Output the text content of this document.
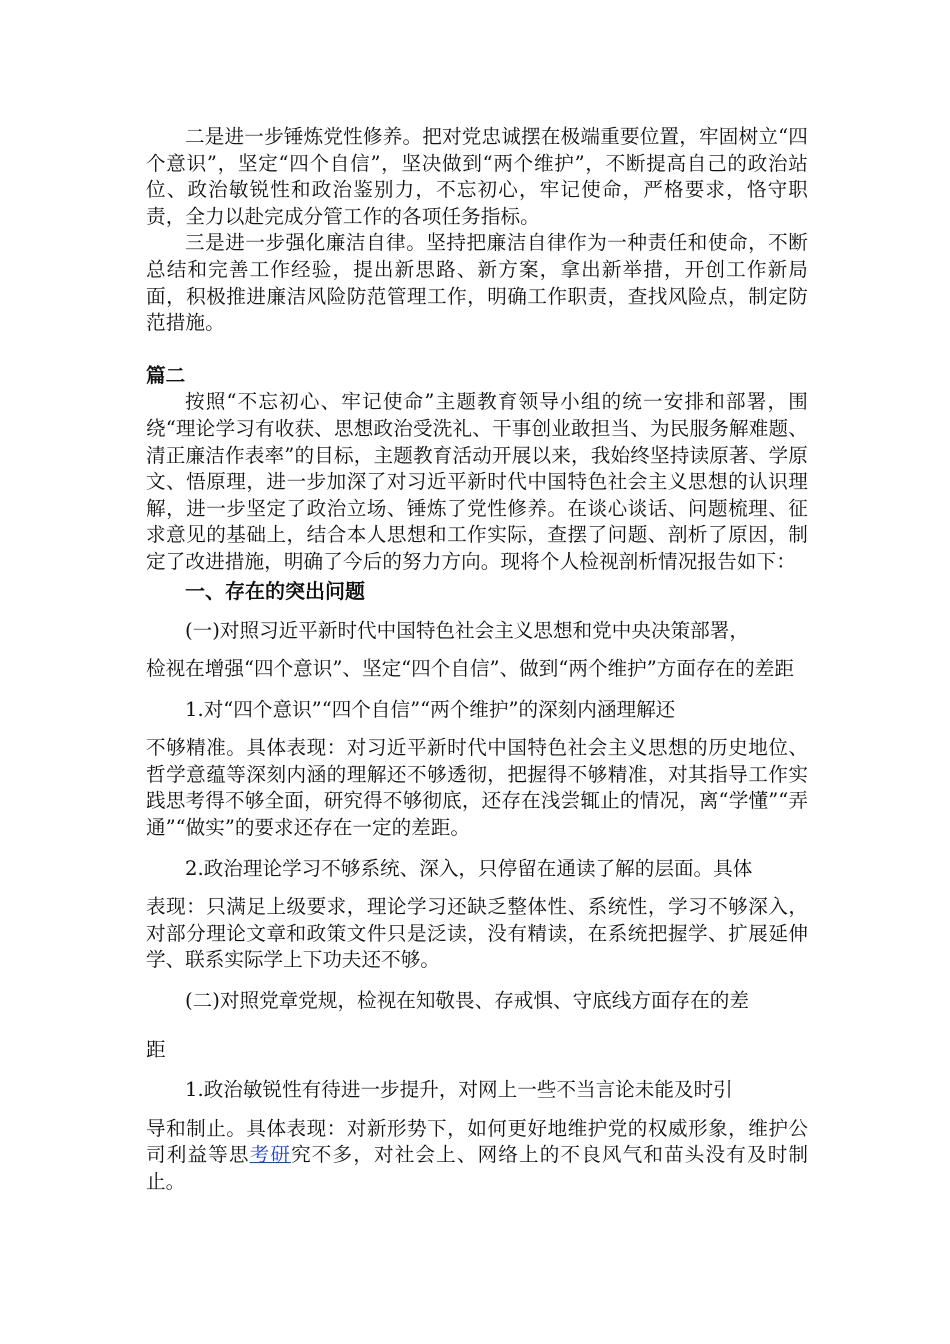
二是进一步锤炼党性修养。把对党忠诚摆在极端重要位置，牢固树立“四个意识”，坚定“四个自信”，坚决做到“两个维护”，不断提高自己的政治站位、政治敏锐性和政治鉴别力，不忘初心，牢记使命，严格要求，恪守职责，全力以赴完成分管工作的各项任务指标。

三是进一步强化廉洁自律。坚持把廉洁自律作为一种责任和使命，不断总结和完善工作经验，提出新思路、新方案，拿出新举措，开创工作新局面，积极推进廉洁风险防范管理工作，明确工作职责，查找风险点，制定防范措施。

篇二

按照“不忘初心、牢记使命”主题教育领导小组的统一安排和部署，围绕“理论学习有收获、思想政治受洗礼、干事创业敢担当、为民服务解难题、清正廉洁作表率”的目标，主题教育活动开展以来，我始终坚持读原著、学原文、悟原理，进一步加深了对习近平新时代中国特色社会主义思想的认识理解，进一步坚定了政治立场、锤炼了党性修养。在谈心谈话、问题梳理、征求意见的基础上，结合本人思想和工作实际，查摆了问题、剖析了原因，制定了改进措施，明确了今后的努力方向。现将个人检视剖析情况报告如下：

一、存在的突出问题

(一)对照习近平新时代中国特色社会主义思想和党中央决策部署，

检视在增强“四个意识”、坚定“四个自信”、做到“两个维护”方面存在的差距

1.对“四个意识”“四个自信”“两个维护”的深刻内涵理解还

不够精准。具体表现：对习近平新时代中国特色社会主义思想的历史地位、哲学意蕴等深刻内涵的理解还不够透彻，把握得不够精准，对其指导工作实践思考得不够全面，研究得不够彻底，还存在浅尝辄止的情况，离“学懂”“弄通”“做实”的要求还存在一定的差距。

2.政治理论学习不够系统、深入，只停留在通读了解的层面。具体

表现：只满足上级要求，理论学习还缺乏整体性、系统性，学习不够深入，对部分理论文章和政策文件只是泛读，没有精读，在系统把握学、扩展延伸学、联系实际学上下功夫还不够。

(二)对照党章党规，检视在知敬畏、存戒惧、守底线方面存在的差

距

1.政治敏锐性有待进一步提升，对网上一些不当言论未能及时引

导和制止。具体表现：对新形势下，如何更好地维护党的权威形象，维护公司利益等思考研究不多，对社会上、网络上的不良风气和苗头没有及时制止。
